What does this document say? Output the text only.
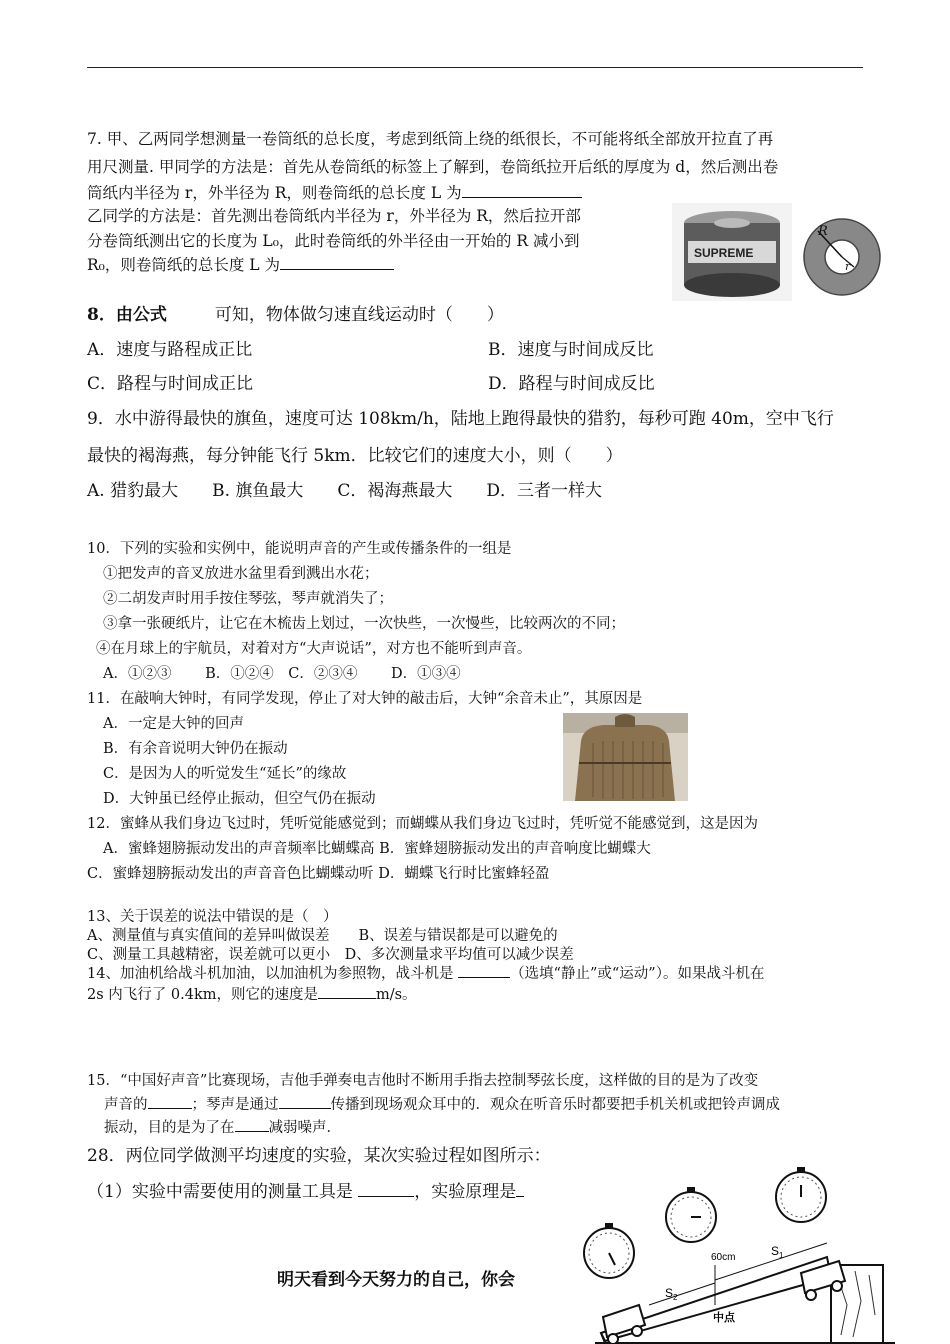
7. 甲、乙两同学想测量一卷筒纸的总长度，考虑到纸筒上绕的纸很长，不可能将纸全部放开拉直了再
用尺测量. 甲同学的方法是：首先从卷筒纸的标签上了解到，卷筒纸拉开后纸的厚度为 d，然后测出卷
筒纸内半径为 r，外半径为 R，则卷筒纸的总长度 L 为
乙同学的方法是：首先测出卷筒纸内半径为 r，外半径为 R，然后拉开部
分卷筒纸测出它的长度为 L₀，此时卷筒纸的外半径由一开始的 R 减小到
R₀，则卷筒纸的总长度 L 为
SUPREME
R
r
8．由公式	可知，物体做匀速直线运动时（　　）
A．速度与路程成正比	B．速度与时间成反比
C．路程与时间成正比	D．路程与时间成反比
9．水中游得最快的旗鱼，速度可达 108km/h，陆地上跑得最快的猎豹，每秒可跑 40m，空中飞行
最快的褐海燕，每分钟能飞行 5km．比较它们的速度大小，则（　　）
A. 猎豹最大　　B. 旗鱼最大　　C．褐海燕最大　　D．三者一样大
10．下列的实验和实例中，能说明声音的产生或传播条件的一组是
①把发声的音叉放进水盆里看到溅出水花；
②二胡发声时用手按住琴弦，琴声就消失了；
③拿一张硬纸片，让它在木梳齿上划过，一次快些，一次慢些，比较两次的不同；
④在月球上的宇航员，对着对方“大声说话”，对方也不能听到声音。
A．①②③　　 B．①②④　C．②③④　　 D．①③④
11．在敲响大钟时，有同学发现，停止了对大钟的敲击后，大钟“余音未止”，其原因是
A．一定是大钟的回声
B．有余音说明大钟仍在振动
C．是因为人的听觉发生“延长”的缘故
D．大钟虽已经停止振动，但空气仍在振动
12．蜜蜂从我们身边飞过时，凭听觉能感觉到；而蝴蝶从我们身边飞过时，凭听觉不能感觉到，这是因为
A．蜜蜂翅膀振动发出的声音频率比蝴蝶高 B．蜜蜂翅膀振动发出的声音响度比蝴蝶大
C．蜜蜂翅膀振动发出的声音音色比蝴蝶动听 D．蝴蝶飞行时比蜜蜂轻盈
13、关于误差的说法中错误的是（　）
A、测量值与真实值间的差异叫做误差　　B、误差与错误都是可以避免的
C、测量工具越精密，误差就可以更小　D、多次测量求平均值可以减少误差
14、加油机给战斗机加油，以加油机为参照物，战斗机是	（选填“静止”或“运动”）。如果战斗机在
2s 内飞行了 0.4km，则它的速度是	m/s。
15．“中国好声音”比赛现场，吉他手弹奏电吉他时不断用手指去控制琴弦长度，这样做的目的是为了改变
声音的	；琴声是通过	传播到现场观众耳中的．观众在听音乐时都要把手机关机或把铃声调成
振动，目的是为了在 减弱噪声．
28．两位同学做测平均速度的实验，某次实验过程如图所示：
（1）实验中需要使用的测量工具是	，实验原理是
明天看到今天努力的自己，你会
60cm	$S_1$
$S_2$
中点
